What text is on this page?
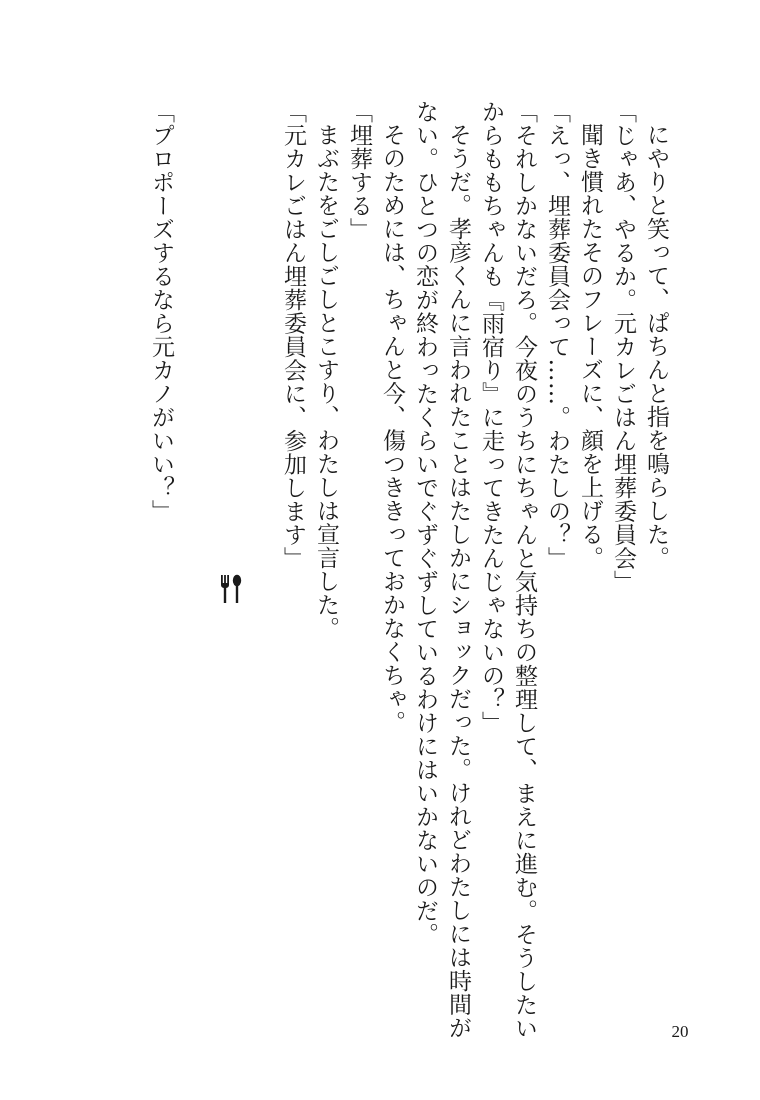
にやりと笑って、ぱちんと指を鳴らした。

「じゃあ、やるか。元カレごはん埋葬委員会」

聞き慣れたそのフレーズに、顔を上げる。

「えっ、埋葬委員会って……。わたしの？」

「それしかないだろ。今夜のうちにちゃんと気持ちの整理して、まえに進む。そうしたい

からももちゃんも『雨宿り』に走ってきたんじゃないの？」

そうだ。孝彦くんに言われたことはたしかにショックだった。けれどわたしには時間が

ない。ひとつの恋が終わったくらいでぐずぐずしているわけにはいかないのだ。

そのためには、ちゃんと今、傷つききっておかなくちゃ。

「埋葬する」

まぶたをごしごしとこすり、わたしは宣言した。

「元カレごはん埋葬委員会に、参加します」

「プロポーズするなら元カノがいい？」

20
